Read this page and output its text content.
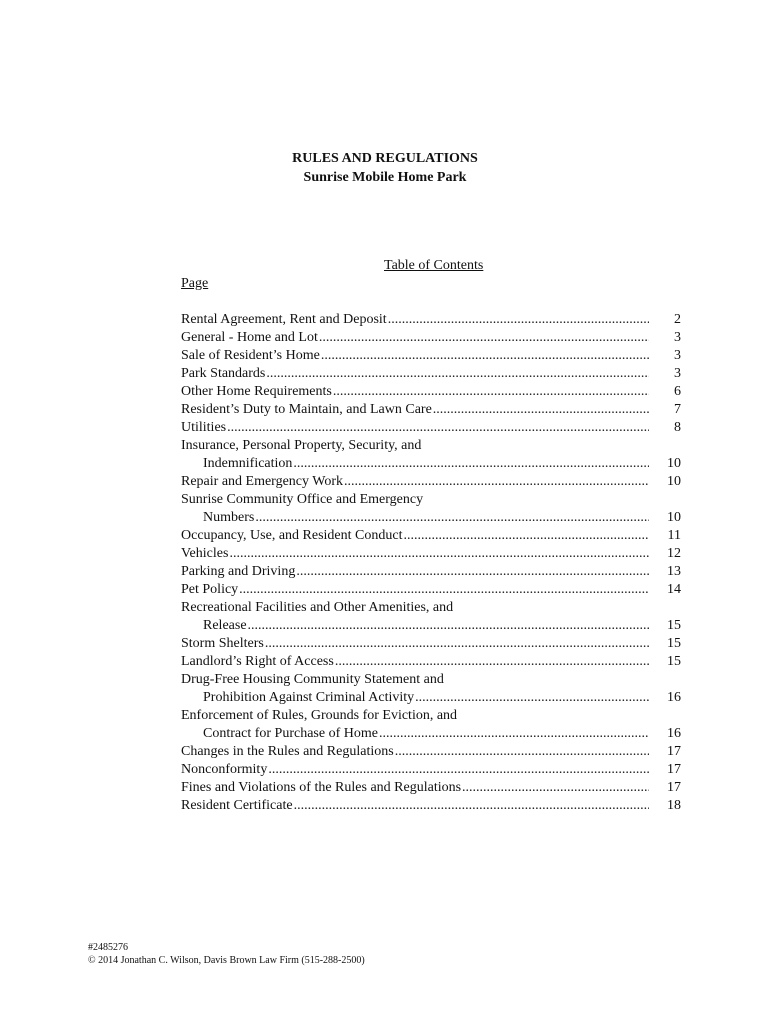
RULES AND REGULATIONS
Sunrise Mobile Home Park
Table of Contents
Page
Rental Agreement, Rent and Deposit .....	2
General - Home and Lot .....	3
Sale of Resident’s Home .....	3
Park Standards .....	3
Other Home Requirements .....	6
Resident’s Duty to Maintain, and Lawn Care .....	7
Utilities .....	8
Insurance, Personal Property, Security, and
Indemnification .....	10
Repair and Emergency Work .....	10
Sunrise Community Office and Emergency
Numbers .....	10
Occupancy, Use, and Resident Conduct .....	11
Vehicles .....	12
Parking and Driving .....	13
Pet Policy .....	14
Recreational Facilities and Other Amenities, and
Release .....	15
Storm Shelters .....	15
Landlord’s Right of Access .....	15
Drug-Free Housing Community Statement and
Prohibition Against Criminal Activity .....	16
Enforcement of Rules, Grounds for Eviction, and
Contract for Purchase of Home .....	16
Changes in the Rules and Regulations .....	17
Nonconformity .....	17
Fines and Violations of the Rules and Regulations .....	17
Resident Certificate .....	18
#2485276
© 2014 Jonathan C. Wilson, Davis Brown Law Firm (515-288-2500)
